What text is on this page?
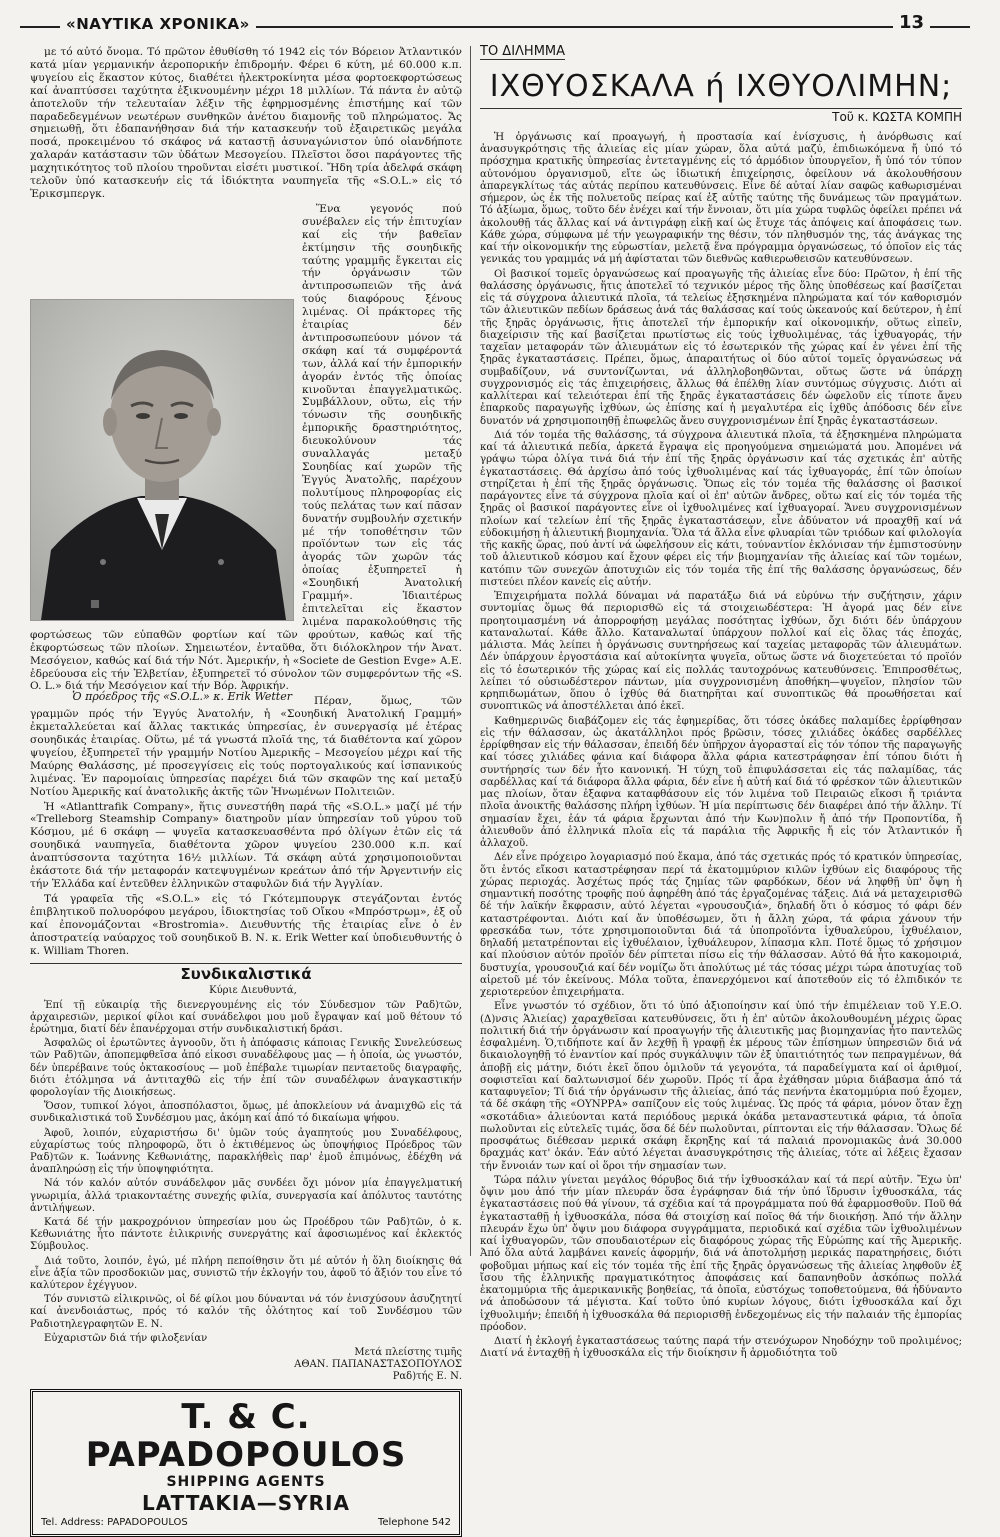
«ΝΑΥΤΙΚΑ ΧΡΟΝΙΚΑ»	13

με τό αὐτό ὄνομα. Τό πρῶτον ἐθυθίσθη τό 1942 εἰς τόν Βόρειον Ἀτλαντικόν κατά μίαν γερμανικήν ἀεροπορικήν ἐπιδρομήν. Φέρει 6 κύτη, μέ 60.000 κ.π. ψυγείου εἰς ἕκαστον κύτος, διαθέτει ἠλεκτροκίνητα μέσα φορτοεκφορτώσεως καί ἀναπτύσσει ταχύτητα ἐξικνουμένην μέχρι 18 μιλλίων. Τά πάντα ἐν αὐτῷ ἀποτελοῦν τήν τελευταίαν λέξιν τῆς ἐφηρμοσμένης ἐπιστήμης καί τῶν παραδεδεγμένων νεωτέρων συνθηκῶν ἀνέτου διαμονῆς τοῦ πληρώματος. Ἄς σημειωθῇ, ὅτι ἐδαπανήθησαν διά τήν κατασκευήν τοῦ ἐξαιρετικῶς μεγάλα ποσά, προκειμένου τό σκάφος νά καταστῇ ἀσυναγώνιστον ὑπό οἱανδήποτε χαλαράν κατάστασιν τῶν ὑδάτων Μεσογείου. Πλεῖστοι ὅσοι παράγοντες τῆς μαχητικότητος τοῦ πλοίου τηροῦνται εἰσέτι μυστικοί. Ἤδη τρία ἀδελφά σκάφη τελοῦν ὑπό κατασκευήν εἰς τά ἰδιόκτητα ναυπηγεῖα τῆς «S.O.L.» εἰς τό Ἐρικσμπεργκ.

Ἕνα γεγονός πού συνέβαλεν εἰς τήν ἐπιτυχίαν καί εἰς τήν βαθεῖαν ἐκτίμησιν τῆς σουηδικῆς ταύτης γραμμῆς ἔγκειται εἰς τήν ὀργάνωσιν τῶν ἀντιπροσωπειῶν τῆς ἀνά τούς διαφόρους ξένους λιμένας. Οἱ πράκτορες τῆς ἑταιρίας δέν ἀντιπροσωπεύουν μόνον τά σκάφη καί τά συμφέροντά των, ἀλλά καί τήν ἐμπορικήν ἀγοράν ἐντός τῆς ὁποίας κινοῦνται ἐπαγγελματικῶς. Συμβάλλουν, οὕτω, εἰς τήν τόνωσιν τῆς σουηδικῆς ἐμπορικῆς δραστηριότητος, διευκολύνουν τάς συναλλαγάς μεταξύ Σουηδίας καί χωρῶν τῆς Ἐγγύς Ἀνατολῆς, παρέχουν πολυτίμους πληροφορίας εἰς τούς πελάτας των καί πᾶσαν δυνατήν συμβουλήν σχετικήν μέ τήν τοποθέτησιν τῶν προϊόντων των εἰς τάς ἀγοράς τῶν χωρῶν τάς ὁποίας ἐξυπηρετεῖ ἡ «Σουηδική Ἀνατολική Γραμμή». Ἰδιαιτέρως ἐπιτελεῖται εἰς ἕκαστον λιμένα παρακολούθησις τῆς φορτώσεως τῶν εὐπαθῶν φορτίων καί τῶν φρούτων, καθώς καί τῆς ἐκφορτώσεως τῶν πλοίων. Σημειωτέον, ἐνταῦθα, ὅτι διόλοκληρον τήν Ἀνατ. Μεσόγειον, καθώς καί διά τήν Νότ. Ἀμερικήν, ἡ «Societe de Gestion Evge» Α.Ε. ἐδρεύουσα εἰς τήν Ἑλβετίαν, ἐξυπηρετεῖ τό σύνολον τῶν συμφερόντων τῆς «S. O. L.» διά τήν Μεσόγειον καί τήν Βόρ. Ἀφρικήν.

Ὁ πρόεδρος τῆς «S.O.L.» κ. Erik Wetter	Πέραν, ὅμως, τῶν γραμμῶν πρός τήν Ἐγγύς Ἀνατολήν, ἡ «Σουηδική Ἀνατολική Γραμμή» ἐκμεταλλεύεται καί ἄλλας τακτικάς ὑπηρεσίας, ἐν συνεργασίᾳ μέ ἑτέρας σουηδικάς ἑταιρίας. Οὕτω, μέ τά γνωστά πλοῖά της, τά διαθέτοντα καί χῶρον ψυγείου, ἐξυπηρετεῖ τήν γραμμήν Νοτίου Ἀμερικῆς – Μεσογείου μέχρι καί τῆς Μαύρης Θαλάσσης, μέ προσεγγίσεις εἰς τούς πορτογαλικούς καί ἰσπανικούς λιμένας. Ἐν παρομοίαις ὑπηρεσίας παρέχει διά τῶν σκαφῶν της καί μεταξύ Νοτίου Ἀμερικῆς καί ἀνατολικῆς ἀκτῆς τῶν Ἡνωμένων Πολιτειῶν.

Ἡ «Atlanttrafik Company», ἥτις συνεστήθη παρά τῆς «S.O.L.» μαζί μέ τήν «Trelleborg Steamship Company» διατηροῦν μίαν ὑπηρεσίαν τοῦ γύρου τοῦ Κόσμου, μέ 6 σκάφη — ψυγεῖα κατασκευασθέντα πρό ὀλίγων ἐτῶν εἰς τά σουηδικά ναυπηγεῖα, διαθέτοντα χῶρον ψυγείου 230.000 κ.π. καί ἀναπτύσσοντα ταχύτητα 16½ μιλλίων. Τά σκάφη αὐτά χρησιμοποιοῦνται ἑκάστοτε διά τήν μεταφοράν κατεψυγμένων κρεάτων ἀπό τήν Ἀργεντινήν εἰς τήν Ἑλλάδα καί ἐντεῦθεν ἑλληνικῶν σταφυλῶν διά τήν Ἀγγλίαν.

Τά γραφεῖα τῆς «S.O.L.» εἰς τό Γκότεμπουργκ στεγάζονται ἐντός ἐπιβλητικοῦ πολυορόφου μεγάρου, ἰδιοκτησίας τοῦ Οἴκου «Μπρόστρωμ», ἐξ οὗ καί ἐπονομάζονται «Brostromia». Διευθυντής τῆς ἑταιρίας εἶνε ὁ ἐν ἀποστρατείᾳ ναύαρχος τοῦ σουηδικοῦ Β. Ν. κ. Erik Wetter καί ὑποδιευθυντής ὁ κ. William Thoren.

Συνδικαλιστικά

Κύριε Διευθυντά,

Ἐπί τῇ εὐκαιρίᾳ τῆς διενεργουμένης εἰς τόν Σύνδεσμον τῶν Ραδ)τῶν, ἀρχαιρεσιῶν, μερικοί φίλοι καί συνάδελφοι μου μοῦ ἔγραψαν καί μοῦ θέτουν τό ἐρώτημα, διατί δέν ἐπανέρχομαι στήν συνδικαλιστική δράσι.

Ἀσφαλῶς οἱ ἐρωτῶντες ἀγνοοῦν, ὅτι ἡ ἀπόφασις κάποιας Γενικῆς Συνελεύσεως τῶν Ραδ)τῶν, ἀποπεμφθεῖσα ἀπό εἰκοσι συναδέλφους μας — ἡ ὁποία, ὡς γνωστόν, δέν ὑπερέβαινε τούς ὀκτακοσίους — μοῦ ἐπέβαλε τιμωρίαν πενταετοῦς διαγραφῆς, διότι ἐτόλμησα νά ἀντιταχθῶ εἰς τήν ἐπί τῶν συναδέλφων ἀναγκαστικήν φορολογίαν τῆς Διοικήσεως.

Ὅσον, τυπικοί λόγοι, ἀποσπόλαστοι, ὅμως, μέ ἀποκλείουν νά ἀναμιχθῶ εἰς τά συνδικαλιστικά τοῦ Συνδέσμου μας, ἀκόμη καί ἀπό τό δικαίωμα ψήφου.

Ἀφοῦ, λοιπόν, εὐχαριστήσω δι' ὑμῶν τούς ἀγαπητούς μου Συναδέλφους, εὐχαρίστως τούς πληροφορῶ, ὅτι ὁ ἐκτιθέμενος ὡς ὑποψήφιος Πρόεδρος τῶν Ραδ)τῶν κ. Ἰωάννης Κεθωνιάτης, παρακλήθεὶς παρ' ἐμοῦ ἐπιμόνως, ἐδέχθη νά ἀναπληρώσῃ εἰς τήν ὑποψηφιότητα.

Νά τόν καλόν αὐτόν συνάδελφον μᾶς συνδέει ὄχι μόνον μία ἐπαγγελματική γνωριμία, ἀλλά τριακονταέτης συνεχής φιλία, συνεργασία καί ἀπόλυτος ταυτότης ἀντιλήψεων.

Κατά δέ τήν μακροχρόνιον ὑπηρεσίαν μου ὡς Προέδρου τῶν Ραδ)τῶν, ὁ κ. Κεθωνιάτης ἦτο πάντοτε ἐιλικρινής συνεργάτης καί ἀφοσιωμένος καί ἐκλεκτός Σύμβουλος.

Διά τοῦτο, λοιπόν, ἐγώ, μέ πλήρη πεποίθησιν ὅτι μέ αὐτόν ἡ ὅλη διοίκησις θά εἶνε ἀξία τῶν προσδοκιῶν μας, συνιστῶ τήν ἐκλογήν του, ἀφοῦ τό ἄξιόν του εἶνε τό καλύτερον ἐχέγγυον.

Τόν συνιστῶ εἰλικρινῶς, οἱ δέ φίλοι μου δύνανται νά τόν ἐνισχύσουν ἀσυζητητί καί ἀνενδοιάστως, πρός τό καλόν τῆς ὁλότητος καί τοῦ Συνδέσμου τῶν Ραδιοτηλεγραφητῶν Ε. Ν.

Εὐχαριστῶν διά τήν φιλοξενίαν

Μετά πλείστης τιμῆς
ΑΘΑΝ. ΠΑΠΑΝΑΣΤΑΣΟΠΟΥΛΟΣ
Ραδ)τής Ε. Ν.
T. & C. PAPADOPOULOS
SHIPPING AGENTS
LATTAKIA—SYRIA
Tel. Address: PAPADOPOULOS	Telephone 542
ΤΟ ΔΙΛΗΜΜΑ
ΙΧΘΥΟΣΚΑΛΑ ή ΙΧΘΥΟΛΙΜΗΝ;
Τοῦ κ. ΚΩΣΤΑ ΚΟΜΠΗ

Ἡ ὀργάνωσις καί προαγωγή, ἡ προστασία καί ἐνίσχυσις, ἡ ἀνόρθωσις καί ἀνασυγκρότησις τῆς ἁλιείας εἰς μίαν χώραν, ὅλα αὐτά μαζύ, ἐπιδιωκόμενα ἤ ὑπό τό πρόσχημα κρατικῆς ὑπηρεσίας ἐντεταγμένης εἰς τό ἁρμόδιον ὑπουργεῖον, ἤ ὑπό τόν τύπον αὐτονόμου ὀργανισμοῦ, εἴτε ὡς ἰδιωτική ἐπιχείρησις, ὀφείλουν νά ἀκολουθήσουν ἀπαρεγκλίτως τάς αὐτάς περίπου κατευθύνσεις. Εἶνε δέ αὐταί λίαν σαφῶς καθωρισμέναι σήμερον, ὡς ἐκ τῆς πολυετοῦς πείρας καί ἐξ αὐτῆς ταύτης τῆς δυνάμεως τῶν πραγμάτων. Τό ἀξίωμα, ὅμως, τοῦτο δέν ἐνέχει καί τήν ἔννοιαν, ὅτι μία χώρα τυφλῶς ὀφείλει πρέπει νά ἀκολουθῇ τάς ἄλλας καί νά ἀντιγράφῃ εἰκῇ καί ὡς ἔτυχε τάς ἀπόψεις καί ἀποφάσεις των. Κάθε χώρα, σύμφωνα μέ τήν γεωγραφικήν της θέσιν, τόν πληθυσμόν της, τάς ἀνάγκας της καί τήν οἰκονομικήν της εὐρωστίαν, μελετᾷ ἕνα πρόγραμμα ὀργανώσεως, τό ὁποῖον εἰς τάς γενικάς του γραμμάς νά μή ἀφίσταται τῶν διεθνῶς καθιερωθεισῶν κατευθύνσεων.

Οἱ βασικοί τομεῖς ὀργανώσεως καί προαγωγῆς τῆς ἁλιείας εἶνε δύο: Πρῶτον, ἡ ἐπί τῆς θαλάσσης ὀργάνωσις, ἥτις ἀποτελεῖ τό τεχνικόν μέρος τῆς ὅλης ὑποθέσεως καί βασίζεται εἰς τά σύγχρονα ἁλιευτικά πλοῖα, τά τελείως ἐξησκημένα πληρώματα καί τόν καθορισμόν τῶν ἁλιευτικῶν πεδίων δράσεως ἀνά τάς θαλάσσας καί τούς ὠκεανούς καί δεύτερον, ἡ ἐπί τῆς ξηρᾶς ὀργάνωσις, ἥτις ἀποτελεῖ τήν ἐμπορικήν καί οἰκονομικήν, οὕτως εἰπεῖν, διαχείρισιν τῆς καί βασίζεται πρωτίστως εἰς τούς ἰχθυολιμένας, τάς ἰχθυαγοράς, τήν ταχεῖαν μεταφοράν τῶν ἁλιευμάτων εἰς τό ἐσωτερικόν τῆς χώρας καί ἐν γένει ἐπί τῆς ξηρᾶς ἐγκαταστάσεις. Πρέπει, ὅμως, ἀπαραιτήτως οἱ δύο αὐτοί τομεῖς ὀργανώσεως νά συμβαδίζουν, νά συντονίζωνται, νά ἀλληλοβοηθῶνται, οὕτως ὥστε νά ὑπάρχῃ συγχρονισμός εἰς τάς ἐπιχειρήσεις, ἄλλως θά ἐπέλθῃ λίαν συντόμως σύγχυσις. Διότι αἱ καλλίτεραι καί τελειότεραι ἐπί τῆς ξηρᾶς ἐγκαταστάσεις δέν ὠφελοῦν εἰς τίποτε ἄνευ ἐπαρκοῦς παραγωγῆς ἰχθύων, ὡς ἐπίσης καί ἡ μεγαλυτέρα εἰς ἰχθῦς ἀπόδοσις δέν εἶνε δυνατόν νά χρησιμοποιηθῇ ἐπωφελῶς ἄνευ συγχρονισμένων ἐπί ξηρᾶς ἐγκαταστάσεων.

Διά τόν τομέα τῆς θαλάσσης, τά σύγχρονα ἁλιευτικά πλοῖα, τά ἐξησκημένα πληρώματα καί τά ἁλιευτικά πεδία, ἀρκετά ἔγραψα εἰς προηγούμενα σημειώματά μου. Ἀπομένει νά γράψω τώρα ὀλίγα τινά διά τήν ἐπί τῆς ξηρᾶς ὀργάνωσιν καί τάς σχετικάς ἐπ' αὐτῆς ἐγκαταστάσεις. Θά ἀρχίσω ἀπό τούς ἰχθυολιμένας καί τάς ἰχθυαγοράς, ἐπί τῶν ὁποίων στηρίζεται ἡ ἐπί τῆς ξηρᾶς ὀργάνωσις. Ὅπως εἰς τόν τομέα τῆς θαλάσσης οἱ βασικοί παράγοντες εἶνε τά σύγχρονα πλοῖα καί οἱ ἐπ' αὐτῶν ἄνδρες, οὕτω καί εἰς τόν τομέα τῆς ξηρᾶς οἱ βασικοί παράγοντες εἶνε οἱ ἰχθυολιμένες καί ἰχθυαγοραί. Ἄνευ συγχρονισμένων πλοίων καί τελείων ἐπί τῆς ξηρᾶς ἐγκαταστάσεων, εἶνε ἀδύνατον νά προαχθῇ καί νά εὐδοκιμήσῃ ἡ ἁλιευτική βιομηχανία. Ὅλα τά ἄλλα εἶνε φλυαρίαι τῶν τριόδων καί φιλολογία τῆς κακῆς ὥρας, πού ἀντί νά ὠφελήσουν εἰς κάτι, τούναντίον ἐκλόνισαν τήν ἐμπιστοσύνην τοῦ ἁλιευτικοῦ κόσμου καί ἔχουν φέρει εἰς τήν βιομηχανίαν τῆς ἁλιείας καί τῶν τομέων, κατόπιν τῶν συνεχῶν ἀποτυχιῶν εἰς τόν τομέα τῆς ἐπί τῆς θαλάσσης ὀργανώσεως, δέν πιστεύει πλέον κανείς εἰς αὐτήν.

Ἐπιχειρήματα πολλά δύναμαι νά παρατάξω διά νά εὐρύνω τήν συζήτησιν, χάριν συντομίας ὅμως θά περιορισθῶ εἰς τά στοιχειωδέστερα: Ἡ ἀγορά μας δέν εἶνε προητοιμασμένη νά ἀπορροφήσῃ μεγάλας ποσότητας ἰχθύων, ὄχι διότι δέν ὑπάρχουν καταναλωταί. Κάθε ἄλλο. Καταναλωταί ὑπάρχουν πολλοί καί εἰς ὅλας τάς ἐποχάς, μάλιστα. Μάς λείπει ἡ ὀργάνωσις συντηρήσεως καί ταχείας μεταφορᾶς τῶν ἁλιευμάτων. Δέν ὑπάρχουν ἐργοστάσια καί αὐτοκίνητα ψυγεῖα, οὕτως ὥστε νά διοχετεύεται τό προϊόν εἰς τό ἐσωτερικόν τῆς χώρας καί εἰς πολλάς ταυτοχρόνως κατευθύνσεις. Ἐπιπροσθέτως, λείπει τό οὐσιωδέστερον πάντων, μία συγχρονισμένη ἀποθήκη—ψυγεῖον, πλησίον τῶν κρηπιδωμάτων, ὅπου ὁ ἰχθύς θά διατηρῆται καί συνοπτικῶς θά προωθήσεται καί συνοπτικῶς νά ἀποστέλλεται ἀπό ἐκεῖ.

Καθημερινῶς διαβάζομεν εἰς τάς ἐφημερίδας, ὅτι τόσες ὀκάδες παλαμίδες ἐρρίφθησαν εἰς τήν θάλασσαν, ὡς ἀκατάλληλοι πρός βρῶσιν, τόσες χιλιάδες ὀκάδες σαρδέλλες ἐρρίφθησαν εἰς τήν θάλασσαν, ἐπειδή δέν ὑπῆρχον ἀγορασταί εἰς τόν τόπον τῆς παραγωγῆς καί τόσες χιλιάδες φάνια καί διάφορα ἄλλα φάρια κατεστράφησαν ἐπί τόπου διότι ἡ συντήρησίς των δέν ἦτο κανονική. Ἡ τύχη τοῦ ἐπιφυλάσσεται εἰς τάς παλαμίδας, τάς σαρδέλλας καί τά διάφορα ἄλλα φάρια, δέν εἶνε ἡ αὐτή καί διά τό φρέσκον τῶν ἁλιευτικῶν μας πλοίων, ὅταν ἐξαφνα καταφθάσουν εἰς τόν λιμένα τοῦ Πειραιῶς εἴκοσι ἤ τριάντα πλοῖα ἀνοικτῆς θαλάσσης πλήρη ἰχθύων. Ἡ μία περίπτωσις δέν διαφέρει ἀπό τήν ἄλλην. Τί σημασίαν ἔχει, ἐάν τά φάρια ἔρχωνται ἀπό τήν Κων)πολιν ἤ ἀπό τήν Προποντίδα, ἤ ἀλιευθοῦν ἀπό ἑλληνικά πλοῖα εἰς τά παράλια τῆς Ἀφρικῆς ἤ εἰς τόν Ἀτλαντικόν ἤ ἀλλαχοῦ.

Δέν εἶνε πρόχειρο λογαριασμό πού ἔκαμα, ἀπό τάς σχετικάς πρός τό κρατικόν ὑπηρεσίας, ὅτι ἐντός εἴκοσι καταστρέφησαν περί τά ἐκατομμύριον κιλῶν ἰχθύων εἰς διαφόρους τῆς χώρας περιοχάς. Ἀσχέτως πρός τάς ζημίας τῶν φαρδόκων, δέον νά ληφθῇ ὑπ' ὄψη ἡ σημαντική ποσότης τροφῆς πού ἀφηρέθη ἀπό τάς ἐργαζομένας τάξεις. Διά νά μεταχειρισθῶ δέ τήν λαϊκήν ἔκφρασιν, αὐτό λέγεται «γρουσουζιά», δηλαδή ὅτι ὁ κόσμος τό φάρι δέν καταστρέφονται. Διότι καί ἄν ὑποθέσωμεν, ὅτι ἡ ἄλλη χώρα, τά φάρια χάνουν τήν φρεσκάδα των, τότε χρησιμοποιοῦνται διά τά ὑποπροϊόντα ἰχθυαλεύρου, ἰχθυέλαιον, δηλαδή μετατρέπονται εἰς ἰχθυέλαιον, ἰχθυάλευρον, λίπασμα κλπ. Ποτέ ὅμως τό χρήσιμον καί πλούσιον αὐτόν προϊόν δέν ρίπτεται πίσω εἰς τήν θάλασσαν. Αὐτό θά ἦτο κακομοιριά, δυστυχία, γρουσουζιά καί δέν νομίζω ὅτι ἀπολύτως μέ τάς τόσας μέχρι τώρα ἀποτυχίας τοῦ αἱρετοῦ μέ τόν ἐκείνους. Μόλα τοῦτα, ἐπανερχόμενοι καί ἀποτεθούν εἰς τό ἐλπιδικόν τε χεριοτερεύον ἐπιχειρήματα.

Εἶνε γνωστόν τό σχέδιον, ὅτι τό ὑπό ἀξιοποίησιν καί ὑπό τήν ἐπιμέλειαν τοῦ Υ.Ε.Ο. (Δ)νσις Ἁλιείας) χαραχθεῖσαι κατευθύνσεις, ὅτι ἡ ἐπ' αὐτῶν ἀκολουθουμένη μέχρις ὥρας πολιτική διά τήν ὀργάνωσιν καί προαγωγήν τῆς ἁλιευτικῆς μας βιομηχανίας ἦτο παντελῶς ἐσφαλμένη. Ὁ,τιδήποτε καί ἄν λεχθῇ ἢ γραφῇ ἐκ μέρους τῶν ἐπίσημων ὑπηρεσιῶν διά νά δικαιολογηθῇ τό ἐναντίον καί πρός συγκάλυψιν τῶν ἐξ ὑπαιτιότητός των πεπραγμένων, θά ἀποβῇ εἰς μάτην, διότι ἐκεῖ ὅπου ὁμιλοῦν τά γεγονότα, τά παραδείγματα καί οἱ ἀριθμοί, σοφιστεῖαι καί δαλτωνισμοί δέν χωροῦν. Πρός τί ἆρα ἐχάθησαν μύρια διάβασμα ἀπό τά καταφυγεῖον; Τί διά τήν ὀργάνωσιν τῆς ἁλιείας, ἀπό τάς πενήντα ἑκατομμύρια πού ἔχομεν, τά δέ σκάφη τῆς «ΟΥΝΡΡΑ» σαπίζουν εἰς τούς λιμένας. Ὡς πρός τά φάρια, μόνον ὅταν ἔχῃ «σκοτάδια» ἀλιεύονται κατά περιόδους μερικά ὀκάδα μεταναστευτικά φάρια, τά ὁποῖα πωλοῦνται εἰς εὐτελεῖς τιμάς, ὅσα δέ δέν πωλοῦνται, ρίπτονται εἰς τήν θάλασσαν. Ὅλως δέ προσφάτως διέθεσαν μερικά σκάφη ἔκρηξης καί τά παλαιά προνομιακῶς ἀνά 30.000 δραχμάς κατ' ὀκάν. Ἐάν αὐτό λέγεται ἀνασυγκρότησις τῆς ἁλιείας, τότε αἱ λέξεις ἔχασαν τήν ἔννοιάν των καί οἱ ὅροι τήν σημασίαν των.

Τώρα πάλιν γίνεται μεγάλος θόρυβος διά τήν ἰχθυοσκάλαν καί τά περί αὐτῆν. Ἔχω ὑπ' ὄψιν μου ἀπό τήν μίαν πλευράν ὅσα ἐγράφησαν διά τήν ὑπό ἵδρυσιν ἰχθυοσκάλα, τάς ἐγκαταστάσεις πού θά γίνουν, τά σχέδια καί τά προγράμματα πού θά ἐφαρμοσθοῦν. Ποῦ θά ἐγκατασταθῇ ἡ ἰχθυοσκάλα, πόσα θά στοιχίσῃ καί ποῖος θά τήν διοικήσῃ. Ἀπό τήν ἄλλην πλευράν ἔχω ὑπ' ὄψιν μου διάφορα συγγράμματα, περιοδικά καί σχέδια τῶν ἰχθυολιμένων καί ἰχθυαγορῶν, τῶν σπουδαιοτέρων εἰς διαφόρους χώρας τῆς Εὐρώπης καί τῆς Ἀμερικῆς. Ἀπό ὅλα αὐτά λαμβάνει κανείς ἀφορμήν, διά νά ἀποτολμήσῃ μερικάς παρατηρήσεις, διότι φοβοῦμαι μήπως καί εἰς τόν τομέα τῆς ἐπί τῆς ξηρᾶς ὀργανώσεως τῆς ἁλιείας ληφθοῦν ἐξ ἴσου τῆς ἑλληνικῆς πραγματικότητος ἀποφάσεις καί δαπανηθοῦν ἀσκόπως πολλά ἑκατομμύρια τῆς ἀμερικανικῆς βοηθείας, τά ὁποῖα, εὐστόχως τοποθετούμενα, θά ἠδύναντο νά ἀποδώσουν τά μέγιστα. Καί τοῦτο ὑπό κυρίων λόγους, διότι ἰχθυοσκάλα καί ὄχι ἰχθυολιμήν; ἐπειδή ἡ ἰχθυοσκάλα θά περιορισθῇ ἐνδεχομένως εἰς τήν παλαιάν τῆς ἐμπορίας πρόοδον.

Διατί ἡ ἐκλογή ἐγκαταστάσεως ταύτης παρά τήν στενόχωρον Νηοδόχην τοῦ προλιμένος; Διατί νά ἐνταχθῇ ἡ ἰχθυοσκάλα εἰς τήν διοίκησιν ἤ ἁρμοδιότητα τοῦ
